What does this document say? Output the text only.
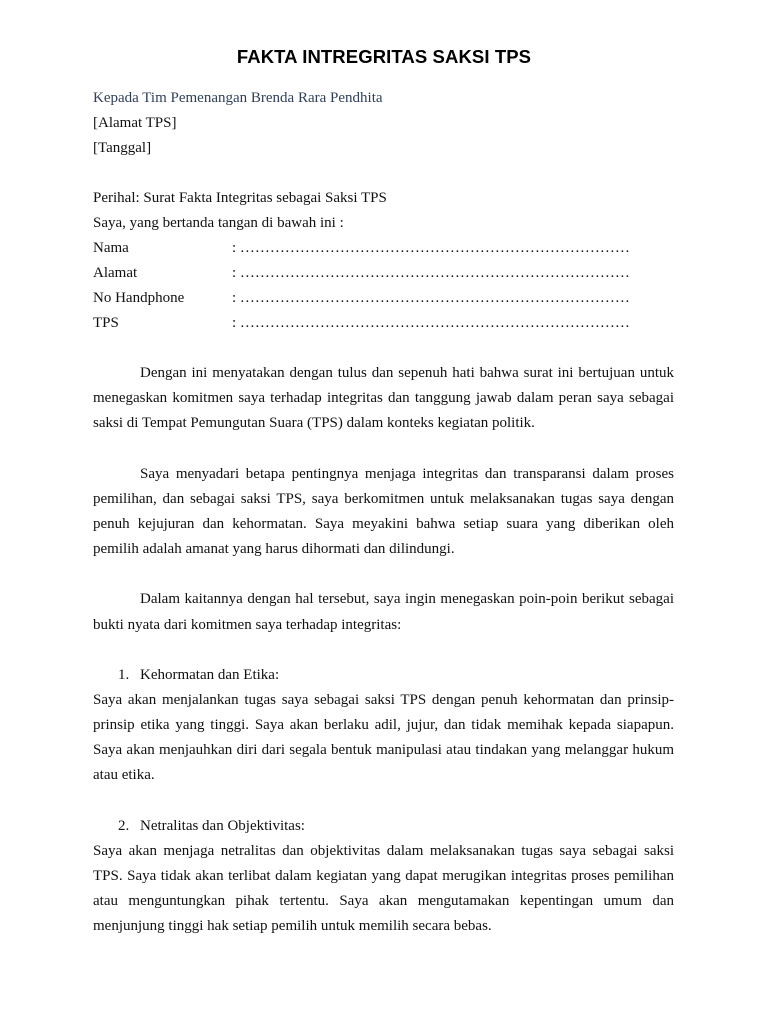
FAKTA INTREGRITAS SAKSI TPS

Kepada Tim Pemenangan Brenda Rara Pendhita

[Alamat TPS]

[Tanggal]

Perihal: Surat Fakta Integritas sebagai Saksi TPS

Saya, yang bertanda tangan di bawah ini :

Nama	: ……………………………………………………………………
Alamat	: ……………………………………………………………………
No Handphone	: ……………………………………………………………………
TPS	: ……………………………………………………………………

Dengan ini menyatakan dengan tulus dan sepenuh hati bahwa surat ini bertujuan untuk menegaskan komitmen saya terhadap integritas dan tanggung jawab dalam peran saya sebagai saksi di Tempat Pemungutan Suara (TPS) dalam konteks kegiatan politik.

Saya menyadari betapa pentingnya menjaga integritas dan transparansi dalam proses pemilihan, dan sebagai saksi TPS, saya berkomitmen untuk melaksanakan tugas saya dengan penuh kejujuran dan kehormatan. Saya meyakini bahwa setiap suara yang diberikan oleh pemilih adalah amanat yang harus dihormati dan dilindungi.

Dalam kaitannya dengan hal tersebut, saya ingin menegaskan poin-poin berikut sebagai bukti nyata dari komitmen saya terhadap integritas:

1. Kehormatan dan Etika:

Saya akan menjalankan tugas saya sebagai saksi TPS dengan penuh kehormatan dan prinsip-prinsip etika yang tinggi. Saya akan berlaku adil, jujur, dan tidak memihak kepada siapapun. Saya akan menjauhkan diri dari segala bentuk manipulasi atau tindakan yang melanggar hukum atau etika.

2. Netralitas dan Objektivitas:

Saya akan menjaga netralitas dan objektivitas dalam melaksanakan tugas saya sebagai saksi TPS. Saya tidak akan terlibat dalam kegiatan yang dapat merugikan integritas proses pemilihan atau menguntungkan pihak tertentu. Saya akan mengutamakan kepentingan umum dan menjunjung tinggi hak setiap pemilih untuk memilih secara bebas.
